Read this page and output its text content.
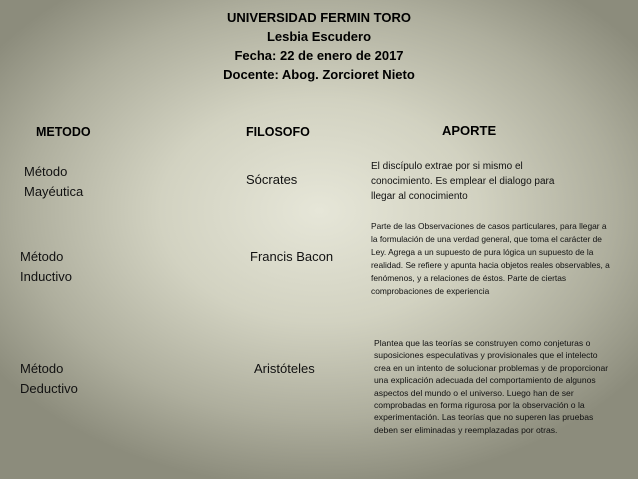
UNIVERSIDAD FERMIN TORO
Lesbia Escudero
Fecha: 22 de enero de 2017
Docente: Abog. Zorcioret Nieto
METODO	FILOSOFO	APORTE
Método
Mayéutica
Sócrates
El discípulo extrae por si mismo el conocimiento. Es emplear el dialogo para llegar al conocimiento
Método
Inductivo
Francis Bacon
Parte de las Observaciones de casos particulares, para llegar a la formulación de una verdad general, que toma el carácter de Ley. Agrega a un supuesto de pura lógica un supuesto de la realidad. Se refiere y apunta hacia objetos reales observables, a fenómenos, y a relaciones de éstos. Parte de ciertas comprobaciones de experiencia
Método
Deductivo
Aristóteles
Plantea que las teorías se construyen como conjeturas o suposiciones especulativas y provisionales que el intelecto crea en un intento de solucionar problemas y de proporcionar una explicación adecuada del comportamiento de algunos aspectos del mundo o el universo. Luego han de ser comprobadas en forma rigurosa por la observación o la experimentación. Las teorías que no superen las pruebas deben ser eliminadas y reemplazadas por otras.
